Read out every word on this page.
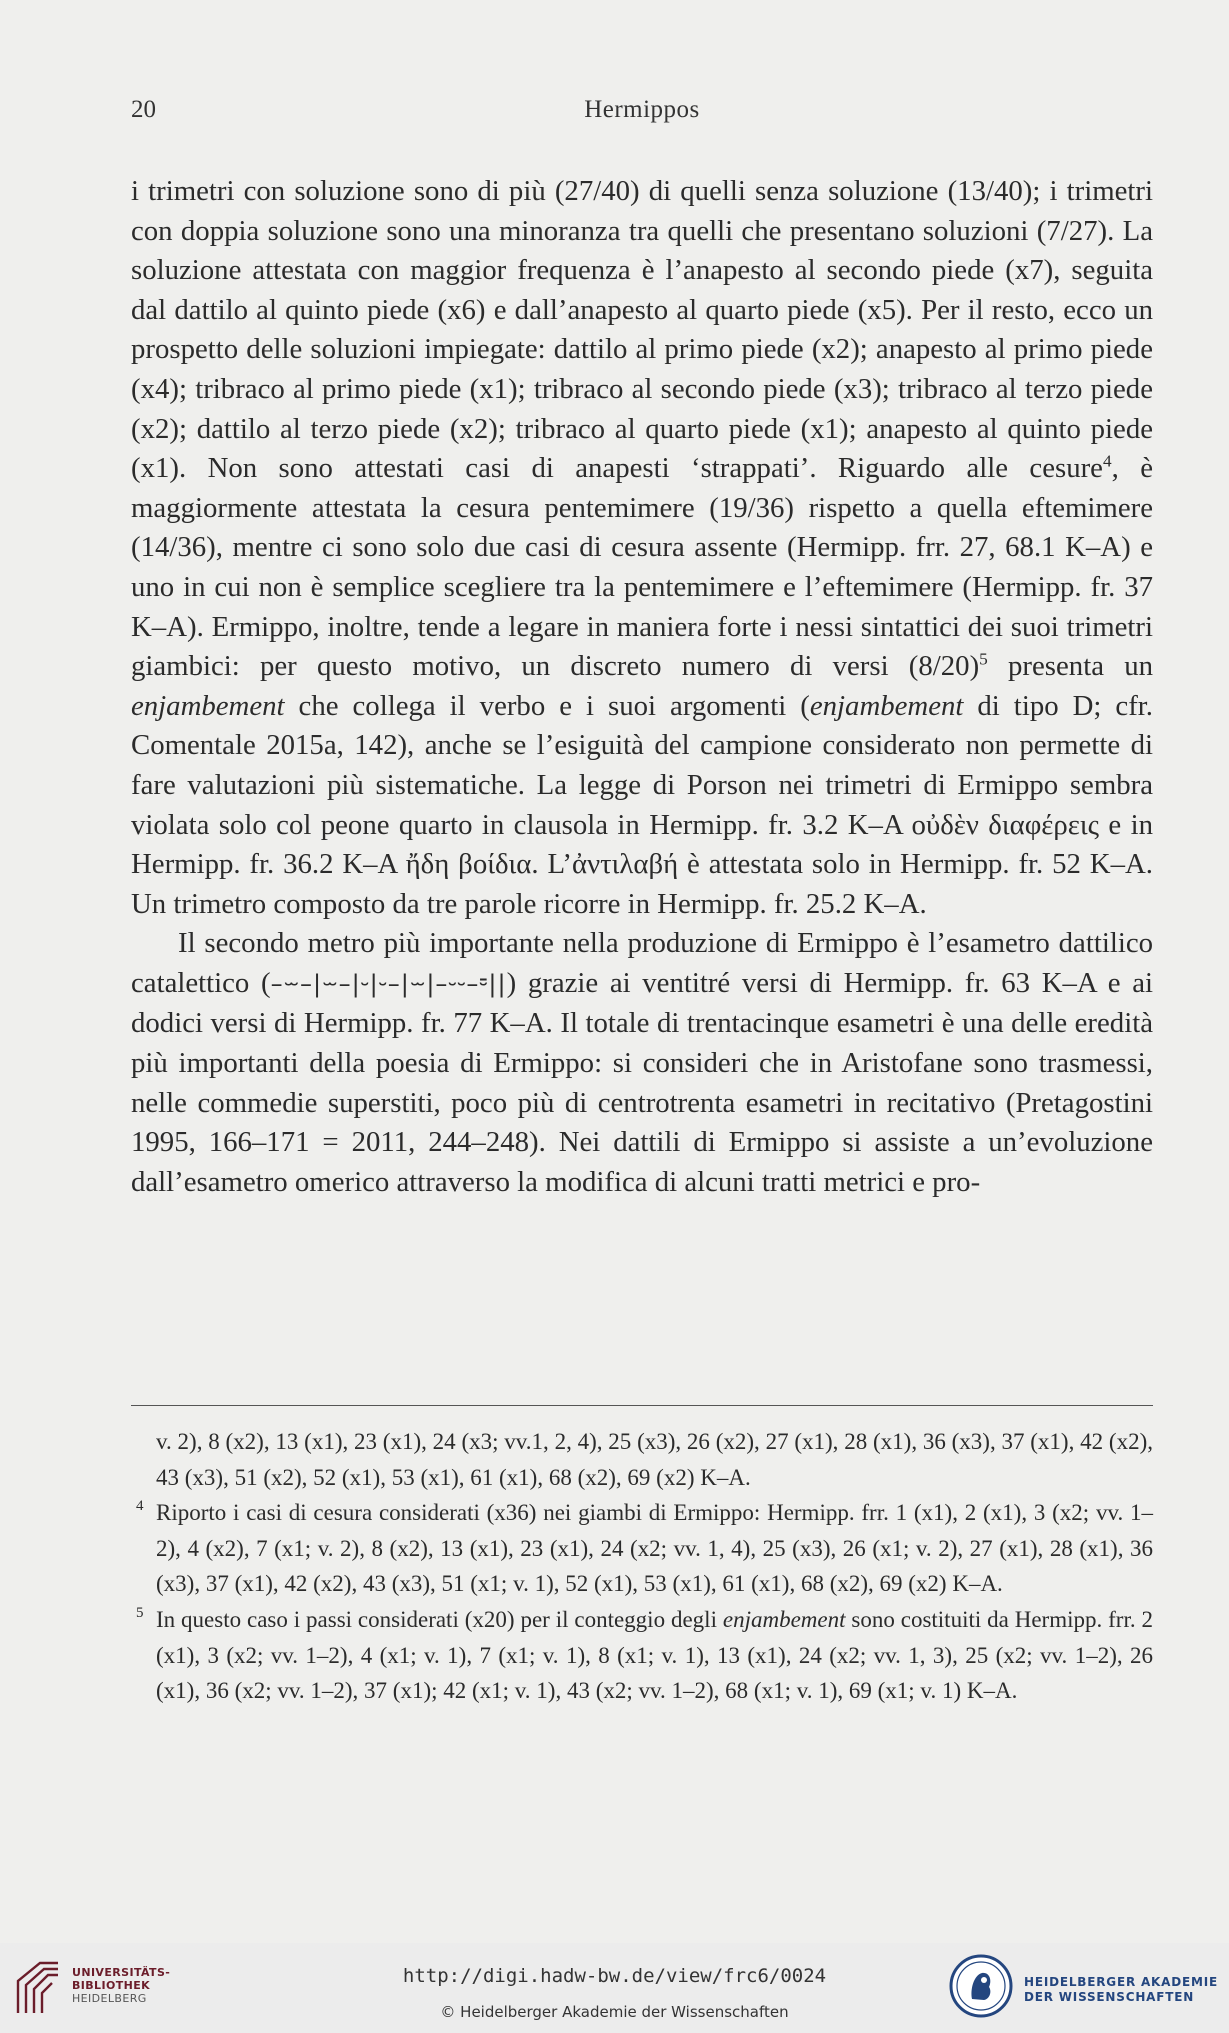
20	Hermippos

i trimetri con soluzione sono di più (27/40) di quelli senza soluzione (13/40); i trimetri con doppia soluzione sono una minoranza tra quelli che presentano soluzioni (7/27). La soluzione attestata con maggior frequenza è l’anapesto al secondo piede (x7), seguita dal dattilo al quinto piede (x6) e dall’anapesto al quarto piede (x5). Per il resto, ecco un prospetto delle soluzioni impiegate: dattilo al primo piede (x2); anapesto al primo piede (x4); tribraco al primo piede (x1); tribraco al secondo piede (x3); tribraco al terzo piede (x2); dattilo al terzo piede (x2); tribraco al quarto piede (x1); anapesto al quinto piede (x1). Non sono attestati casi di anapesti ‘strappati’. Riguardo alle cesure$^4$, è maggiormente attestata la cesura pentemimere (19/36) rispetto a quella eftemimere (14/36), mentre ci sono solo due casi di cesura assente (Hermipp. frr. 27, 68.1 K–A) e uno in cui non è semplice scegliere tra la pentemimere e l’eftemimere (Hermipp. fr. 37 K–A). Ermippo, inoltre, tende a legare in maniera forte i nessi sintattici dei suoi trimetri giambici: per questo motivo, un discreto numero di versi $(8/20)^5$ presenta un enjambement che collega il verbo e i suoi argomenti (enjambement di tipo D; cfr. Comentale 2015a, 142), anche se l’esiguità del campione considerato non permette di fare valutazioni più sistematiche. La legge di Porson nei trimetri di Ermippo sembra violata solo col peone quarto in clausola in Hermipp. fr. 3.2 K–A οὐδὲν διαφέρεις e in Hermipp. fr. 36.2 K–A ἤδη βοίδια. L’ἀντιλαβή è attestata solo in Hermipp. fr. 52 K–A. Un trimetro composto da tre parole ricorre in Hermipp. fr. 25.2 K–A.

Il secondo metro più importante nella produzione di Ermippo è l’esametro dattilico catalettico (–⏖–|⏖–|⏑|⏑–|⏖|–⏑⏑–⏒||) grazie ai ventitré versi di Hermipp. fr. 63 K–A e ai dodici versi di Hermipp. fr. 77 K–A. Il totale di trentacinque esametri è una delle eredità più importanti della poesia di Ermippo: si consideri che in Aristofane sono trasmessi, nelle commedie superstiti, poco più di centrotrenta esametri in recitativo (Pretagostini 1995, 166–171 = 2011, 244–248). Nei dattili di Ermippo si assiste a un’evoluzione dall’esametro omerico attraverso la modifica di alcuni tratti metrici e pro-

v. 2), 8 (x2), 13 (x1), 23 (x1), 24 (x3; vv.1, 2, 4), 25 (x3), 26 (x2), 27 (x1), 28 (x1), 36 (x3), 37 (x1), 42 (x2), 43 (x3), 51 (x2), 52 (x1), 53 (x1), 61 (x1), 68 (x2), 69 (x2) K–A.

4 Riporto i casi di cesura considerati (x36) nei giambi di Ermippo: Hermipp. frr. 1 (x1), 2 (x1), 3 (x2; vv. 1–2), 4 (x2), 7 (x1; v. 2), 8 (x2), 13 (x1), 23 (x1), 24 (x2; vv. 1, 4), 25 (x3), 26 (x1; v. 2), 27 (x1), 28 (x1), 36 (x3), 37 (x1), 42 (x2), 43 (x3), 51 (x1; v. 1), 52 (x1), 53 (x1), 61 (x1), 68 (x2), 69 (x2) K–A.

5 In questo caso i passi considerati (x20) per il conteggio degli enjambement sono costituiti da Hermipp. frr. 2 (x1), 3 (x2; vv. 1–2), 4 (x1; v. 1), 7 (x1; v. 1), 8 (x1; v. 1), 13 (x1), 24 (x2; vv. 1, 3), 25 (x2; vv. 1–2), 26 (x1), 36 (x2; vv. 1–2), 37 (x1); 42 (x1; v. 1), 43 (x2; vv. 1–2), 68 (x1; v. 1), 69 (x1; v. 1) K–A.

UNIVERSITÄTS-
BIBLIOTHEK
HEIDELBERG
http://digi.hadw-bw.de/view/frc6/0024
© Heidelberger Akademie der Wissenschaften
HEIDELBERGER AKADEMIE
DER WISSENSCHAFTEN
